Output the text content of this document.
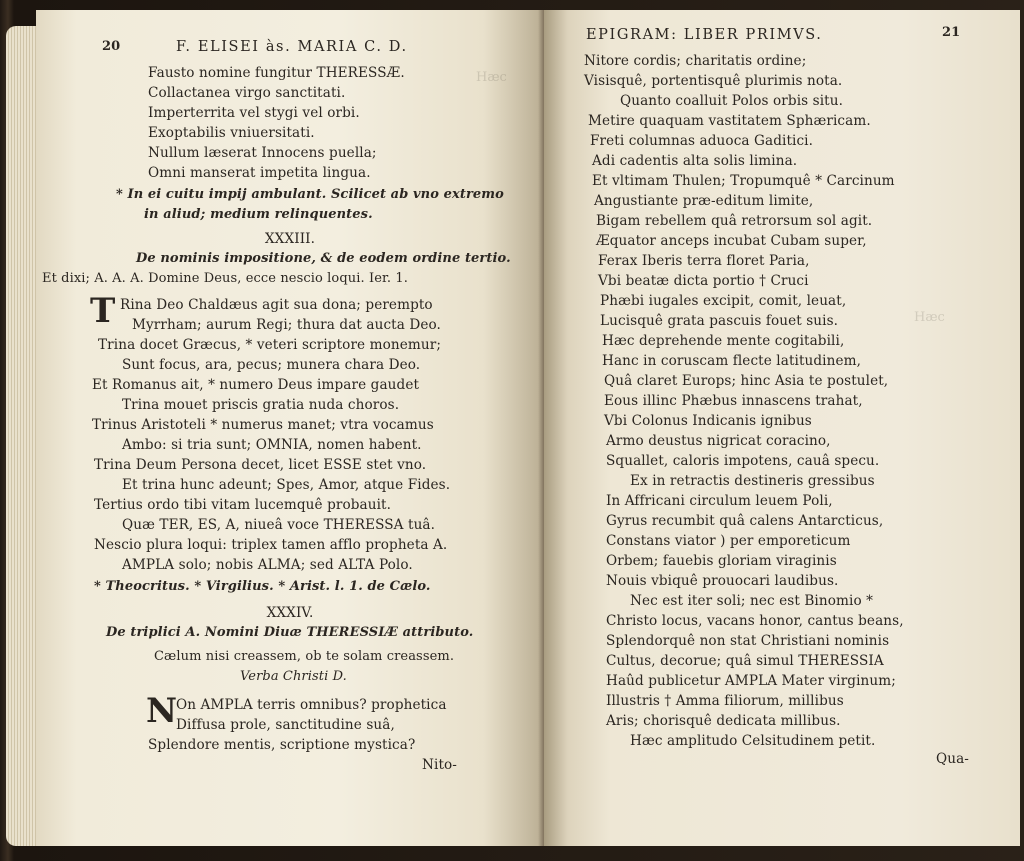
Hæc
20	F. ELISEI às. MARIA C. D.
Fausto nomine fungitur THERESSÆ.
Collactanea virgo sanctitati.
Imperterrita vel stygi vel orbi.
Exoptabilis vniuersitati.
Nullum læserat Innocens puella;
Omni manserat impetita lingua.
* In ei cuitu impij ambulant. Scilicet ab vno extremo
in aliud; medium relinquentes.
XXXIII.
De nominis impositione, & de eodem ordine tertio.
Et dixi; A. A. A. Domine Deus, ecce nescio loqui. Ier. 1.
T Rina Deo Chaldæus agit sua dona; perempto
Myrrham; aurum Regi; thura dat aucta Deo.
Trina docet Græcus, * veteri scriptore monemur;
Sunt focus, ara, pecus; munera chara Deo.
Et Romanus ait, * numero Deus impare gaudet
Trina mouet priscis gratia nuda choros.
Trinus Aristoteli * numerus manet; vtra vocamus
Ambo: si tria sunt; OMNIA, nomen habent.
Trina Deum Persona decet, licet ESSE stet vno.
Et trina hunc adeunt; Spes, Amor, atque Fides.
Tertius ordo tibi vitam lucemquê probauit.
Quæ TER, ES, A, niueâ voce THERESSA tuâ.
Nescio plura loqui: triplex tamen afflo propheta A.
AMPLA solo; nobis ALMA; sed ALTA Polo.
* Theocritus. * Virgilius. * Arist. l. 1. de Cælo.
XXXIV.
De triplici A. Nomini Diuæ THERESSIÆ attributo.
Cælum nisi creassem, ob te solam creassem.
Verba Christi D.
N
On AMPLA terris omnibus? prophetica
Diffusa prole, sanctitudine suâ,
Splendore mentis, scriptione mystica?
Nito-
Hæc
EPIGRAM: LIBER PRIMVS.	21
Nitore cordis; charitatis ordine;
Visisquê, portentisquê plurimis nota.
Quanto coalluit Polos orbis situ.
Metire quaquam vastitatem Sphæricam.
Freti columnas aduoca Gaditici.
Adi cadentis alta solis limina.
Et vltimam Thulen; Tropumquê * Carcinum
Angustiante præ-editum limite,
Bigam rebellem quâ retrorsum sol agit.
Æquator anceps incubat Cubam super,
Ferax Iberis terra floret Paria,
Vbi beatæ dicta portio † Cruci
Phæbi iugales excipit, comit, leuat,
Lucisquê grata pascuis fouet suis.
Hæc deprehende mente cogitabili,
Hanc in coruscam flecte latitudinem,
Quâ claret Europs; hinc Asia te postulet,
Eous illinc Phæbus innascens trahat,
Vbi Colonus Indicanis ignibus
Armo deustus nigricat coracino,
Squallet, caloris impotens, cauâ specu.
Ex in retractis destineris gressibus
In Affricani circulum leuem Poli,
Gyrus recumbit quâ calens Antarcticus,
Constans viator ) per emporeticum
Orbem; fauebis gloriam viraginis
Nouis vbiquê prouocari laudibus.
Nec est iter soli; nec est Binomio *
Christo locus, vacans honor, cantus beans,
Splendorquê non stat Christiani nominis
Cultus, decorue; quâ simul THERESSIA
Haûd publicetur AMPLA Mater virginum;
Illustris † Amma filiorum, millibus
Aris; chorisquê dedicata millibus.
Hæc amplitudo Celsitudinem petit.
Qua-
